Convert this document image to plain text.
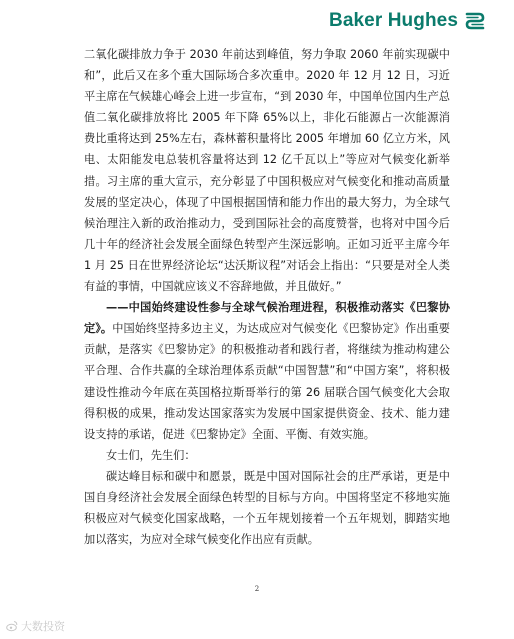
Baker Hughes

二氧化碳排放力争于 2030 年前达到峰值，努力争取 2060 年前实现碳中和”，此后又在多个重大国际场合多次重申。2020 年 12 月 12 日，习近平主席在气候雄心峰会上进一步宣布，“到 2030 年，中国单位国内生产总值二氧化碳排放将比 2005 年下降 65%以上，非化石能源占一次能源消费比重将达到 25%左右，森林蓄积量将比 2005 年增加 60 亿立方米，风电、太阳能发电总装机容量将达到 12 亿千瓦以上”等应对气候变化新举措。习主席的重大宣示，充分彰显了中国积极应对气候变化和推动高质量发展的坚定决心，体现了中国根据国情和能力作出的最大努力，为全球气候治理注入新的政治推动力，受到国际社会的高度赞誉，也将对中国今后几十年的经济社会发展全面绿色转型产生深远影响。正如习近平主席今年 1 月 25 日在世界经济论坛“达沃斯议程”对话会上指出：“只要是对全人类有益的事情，中国就应该义不容辞地做，并且做好。”

——中国始终建设性参与全球气候治理进程，积极推动落实《巴黎协定》。中国始终坚持多边主义，为达成应对气候变化《巴黎协定》作出重要贡献，是落实《巴黎协定》的积极推动者和践行者，将继续为推动构建公平合理、合作共赢的全球治理体系贡献“中国智慧”和“中国方案”，将积极建设性推动今年底在英国格拉斯哥举行的第 26 届联合国气候变化大会取得积极的成果，推动发达国家落实为发展中国家提供资金、技术、能力建设支持的承诺，促进《巴黎协定》全面、平衡、有效实施。

女士们，先生们：

碳达峰目标和碳中和愿景，既是中国对国际社会的庄严承诺，更是中国自身经济社会发展全面绿色转型的目标与方向。中国将坚定不移地实施积极应对气候变化国家战略，一个五年规划接着一个五年规划，脚踏实地加以落实，为应对全球气候变化作出应有贡献。

2
大数投资
